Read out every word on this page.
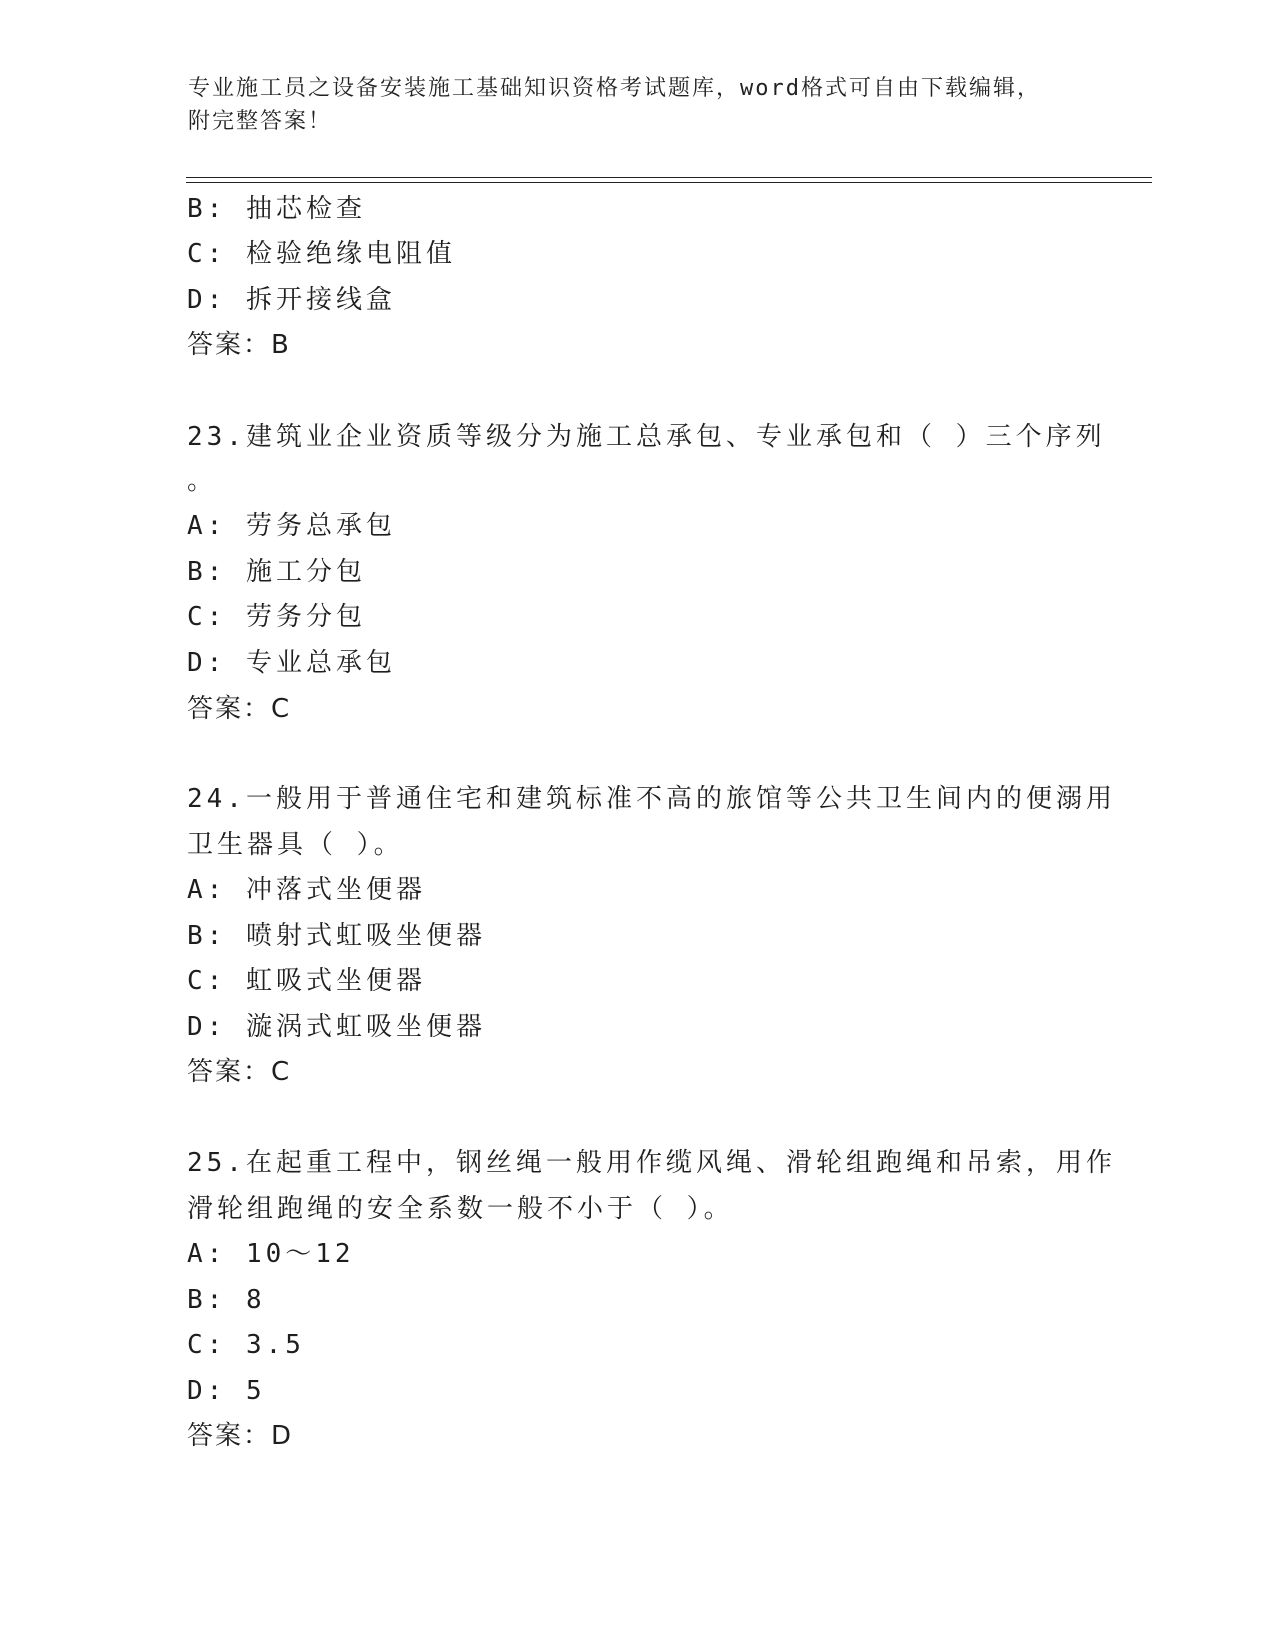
专业施工员之设备安装施工基础知识资格考试题库，word格式可自由下载编辑，
附完整答案！
B: 抽芯检查
C: 检验绝缘电阻值
D: 拆开接线盒
答案：B
23.建筑业企业资质等级分为施工总承包、专业承包和（ ）三个序列
。
A: 劳务总承包
B: 施工分包
C: 劳务分包
D: 专业总承包
答案：C
24.一般用于普通住宅和建筑标准不高的旅馆等公共卫生间内的便溺用
卫生器具（ ）。
A: 冲落式坐便器
B: 喷射式虹吸坐便器
C: 虹吸式坐便器
D: 漩涡式虹吸坐便器
答案：C
25.在起重工程中，钢丝绳一般用作缆风绳、滑轮组跑绳和吊索，用作
滑轮组跑绳的安全系数一般不小于（ ）。
A: 10～12
B: 8
C: 3.5
D: 5
答案：D
